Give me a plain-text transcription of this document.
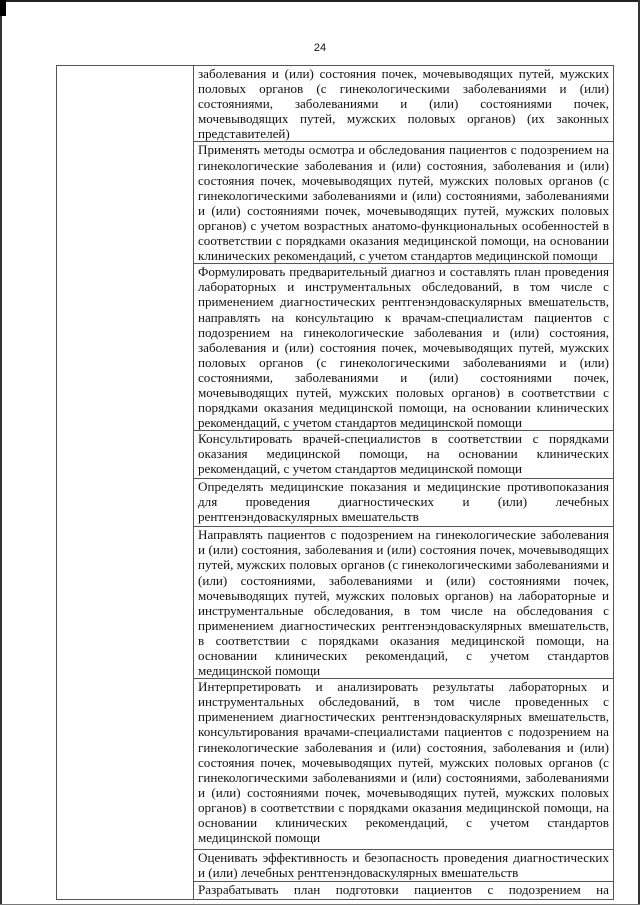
24
	заболевания и (или) состояния почек, мочевыводящих путей, мужских половых органов (с гинекологическими заболеваниями и (или) состояниями, заболеваниями и (или) состояниями почек, мочевыводящих путей, мужских половых органов) (их законных представителей)
Применять методы осмотра и обследования пациентов с подозрением на гинекологические заболевания и (или) состояния, заболевания и (или) состояния почек, мочевыводящих путей, мужских половых органов (с гинекологическими заболеваниями и (или) состояниями, заболеваниями и (или) состояниями почек, мочевыводящих путей, мужских половых органов) с учетом возрастных анатомо-функциональных особенностей в соответствии с порядками оказания медицинской помощи, на основании клинических рекомендаций, с учетом стандартов медицинской помощи
Формулировать предварительный диагноз и составлять план проведения лабораторных и инструментальных обследований, в том числе с применением диагностических рентгенэндоваскулярных вмешательств, направлять на консультацию к врачам-специалистам пациентов с подозрением на гинекологические заболевания и (или) состояния, заболевания и (или) состояния почек, мочевыводящих путей, мужских половых органов (с гинекологическими заболеваниями и (или) состояниями, заболеваниями и (или) состояниями почек, мочевыводящих путей, мужских половых органов) в соответствии с порядками оказания медицинской помощи, на основании клинических рекомендаций, с учетом стандартов медицинской помощи
Консультировать врачей-специалистов в соответствии с порядками оказания медицинской помощи, на основании клинических рекомендаций, с учетом стандартов медицинской помощи
Определять медицинские показания и медицинские противопоказания для проведения диагностических и (или) лечебных рентгенэндоваскулярных вмешательств
Направлять пациентов с подозрением на гинекологические заболевания и (или) состояния, заболевания и (или) состояния почек, мочевыводящих путей, мужских половых органов (с гинекологическими заболеваниями и (или) состояниями, заболеваниями и (или) состояниями почек, мочевыводящих путей, мужских половых органов) на лабораторные и инструментальные обследования, в том числе на обследования с применением диагностических рентгенэндоваскулярных вмешательств, в соответствии с порядками оказания медицинской помощи, на основании клинических рекомендаций, с учетом стандартов медицинской помощи
Интерпретировать и анализировать результаты лабораторных и инструментальных обследований, в том числе проведенных с применением диагностических рентгенэндоваскулярных вмешательств, консультирования врачами-специалистами пациентов с подозрением на гинекологические заболевания и (или) состояния, заболевания и (или) состояния почек, мочевыводящих путей, мужских половых органов (с гинекологическими заболеваниями и (или) состояниями, заболеваниями и (или) состояниями почек, мочевыводящих путей, мужских половых органов) в соответствии с порядками оказания медицинской помощи, на основании клинических рекомендаций, с учетом стандартов медицинской помощи
Оценивать эффективность и безопасность проведения диагностических и (или) лечебных рентгенэндоваскулярных вмешательств
Разрабатывать план подготовки пациентов с подозрением на
